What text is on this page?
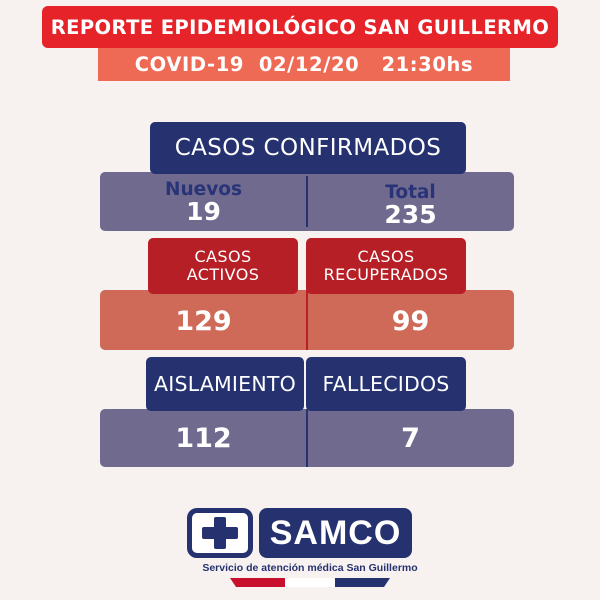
REPORTE EPIDEMIOLÓGICO SAN GUILLERMO
COVID-19  02/12/20   21:30hs
Nuevos
19
Total
235
CASOS CONFIRMADOS
129	99
CASOS
ACTIVOS
CASOS
RECUPERADOS
112	7
AISLAMIENTO FALLECIDOS
SAMCO
Servicio de atención médica San Guillermo
